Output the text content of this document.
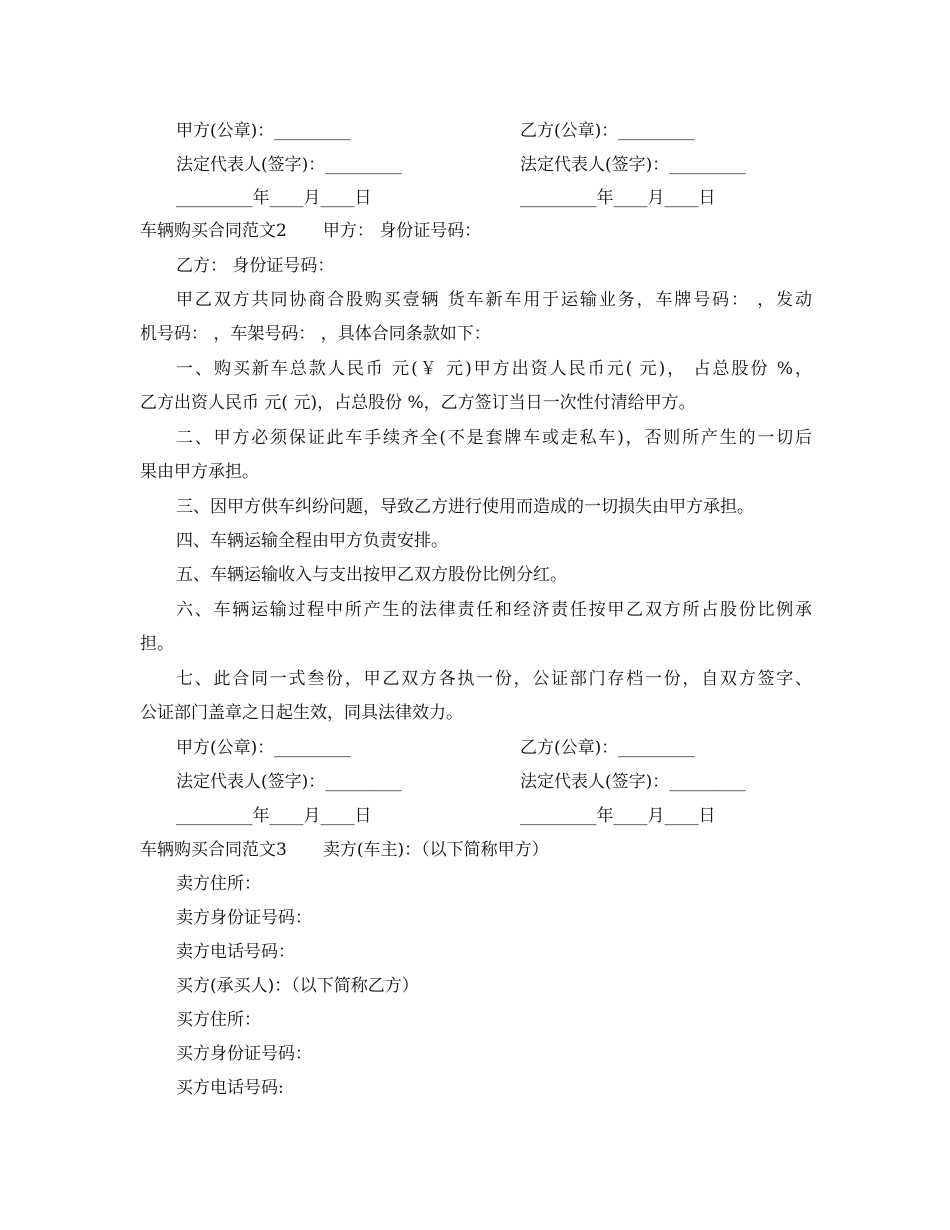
甲方(公章)：_________	乙方(公章)：_________
法定代表人(签字)：_________	法定代表人(签字)：_________
_________年____月____日	_________年____月____日
车辆购买合同范文2 甲方： 身份证号码：
乙方： 身份证号码：
甲乙双方共同协商合股购买壹辆 货车新车用于运输业务，车牌号码： ，发动
机号码： ，车架号码： ，具体合同条款如下：
一、购买新车总款人民币 元(￥ 元)甲方出资人民币元( 元)， 占总股份 %，
乙方出资人民币 元( 元)，占总股份 %，乙方签订当日一次性付清给甲方。
二、甲方必须保证此车手续齐全(不是套牌车或走私车)，否则所产生的一切后
果由甲方承担。
三、因甲方供车纠纷问题，导致乙方进行使用而造成的一切损失由甲方承担。
四、车辆运输全程由甲方负责安排。
五、车辆运输收入与支出按甲乙双方股份比例分红。
六、车辆运输过程中所产生的法律责任和经济责任按甲乙双方所占股份比例承
担。
七、此合同一式叁份，甲乙双方各执一份，公证部门存档一份，自双方签字、
公证部门盖章之日起生效，同具法律效力。
甲方(公章)：_________	乙方(公章)：_________
法定代表人(签字)：_________	法定代表人(签字)：_________
_________年____月____日	_________年____月____日
车辆购买合同范文3 卖方(车主)：（以下简称甲方）
卖方住所：
卖方身份证号码：
卖方电话号码：
买方(承买人)：（以下简称乙方）
买方住所：
买方身份证号码：
买方电话号码:
